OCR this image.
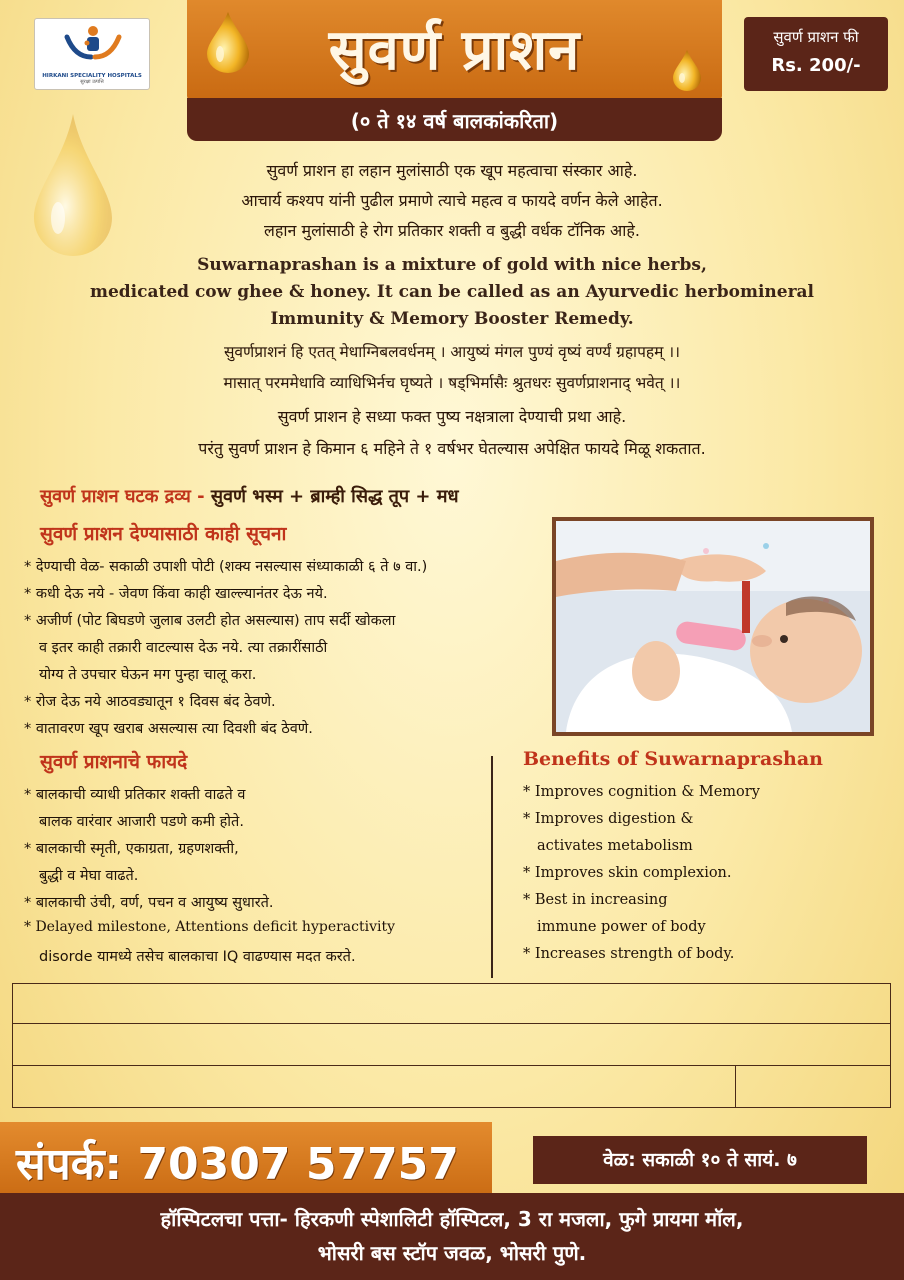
HIRKANI SPECIALITY HOSPITALS
सुरक्षा उत्पत्ति	सुवर्ण प्राशन
(० ते १४ वर्ष बालकांकरिता)
सुवर्ण प्राशन फी
Rs. 200/-
सुवर्ण प्राशन हा लहान मुलांसाठी एक खूप महत्वाचा संस्कार आहे.
आचार्य कश्यप यांनी पुढील प्रमाणे त्याचे महत्व व फायदे वर्णन केले आहेत.
लहान मुलांसाठी हे रोग प्रतिकार शक्ती व बुद्धी वर्धक टॉनिक आहे.
Suwarnaprashan is a mixture of gold with nice herbs,
medicated cow ghee & honey. It can be called as an Ayurvedic herbomineral
Immunity & Memory Booster Remedy.
सुवर्णप्राशनं हि एतत् मेधाग्निबलवर्धनम् । आयुष्यं मंगल पुण्यं वृष्यं वर्ण्यं ग्रहापहम् ।।
मासात् परममेधावि व्याधिभिर्नच घृष्यते । षड्भिर्मासैः श्रुतधरः सुवर्णप्राशनाद् भवेत् ।।
सुवर्ण प्राशन हे सध्या फक्त पुष्य नक्षत्राला देण्याची प्रथा आहे.
परंतु सुवर्ण प्राशन हे किमान ६ महिने ते १ वर्षभर घेतल्यास अपेक्षित फायदे मिळू शकतात.
सुवर्ण प्राशन घटक द्रव्य - सुवर्ण भस्म + ब्राम्ही सिद्ध तूप + मध
सुवर्ण प्राशन देण्यासाठी काही सूचना
* देण्याची वेळ- सकाळी उपाशी पोटी (शक्य नसल्यास संध्याकाळी ६ ते ७ वा.)
* कधी देऊ नये - जेवण किंवा काही खाल्ल्यानंतर देऊ नये.
* अजीर्ण (पोट बिघडणे जुलाब उलटी होत असल्यास) ताप सर्दी खोकला
व इतर काही तक्रारी वाटल्यास देऊ नये. त्या तक्रारींसाठी
योग्य ते उपचार घेऊन मग पुन्हा चालू करा.
* रोज देऊ नये आठवड्यातून १ दिवस बंद ठेवणे.
* वातावरण खूप खराब असल्यास त्या दिवशी बंद ठेवणे.
सुवर्ण प्राशनाचे फायदे
* बालकाची व्याधी प्रतिकार शक्ती वाढते व
बालक वारंवार आजारी पडणे कमी होते.
* बालकाची स्मृती, एकाग्रता, ग्रहणशक्ती,
बुद्धी व मेघा वाढते.
* बालकाची उंची, वर्ण, पचन व आयुष्य सुधारते.
* Delayed milestone, Attentions deficit hyperactivity
disorde यामध्ये तसेच बालकाचा IQ वाढण्यास मदत करते.
Benefits of Suwarnaprashan
* Improves cognition & Memory
* Improves digestion &
activates metabolism
* Improves skin complexion.
* Best in increasing
immune power of body
* Increases strength of body.
संपर्क: 70307 57757	वेळ: सकाळी १० ते सायं. ७
हॉस्पिटलचा पत्ता- हिरकणी स्पेशालिटी हॉस्पिटल, 3 रा मजला, फुगे प्रायमा मॉल,
भोसरी बस स्टॉप जवळ, भोसरी पुणे.
